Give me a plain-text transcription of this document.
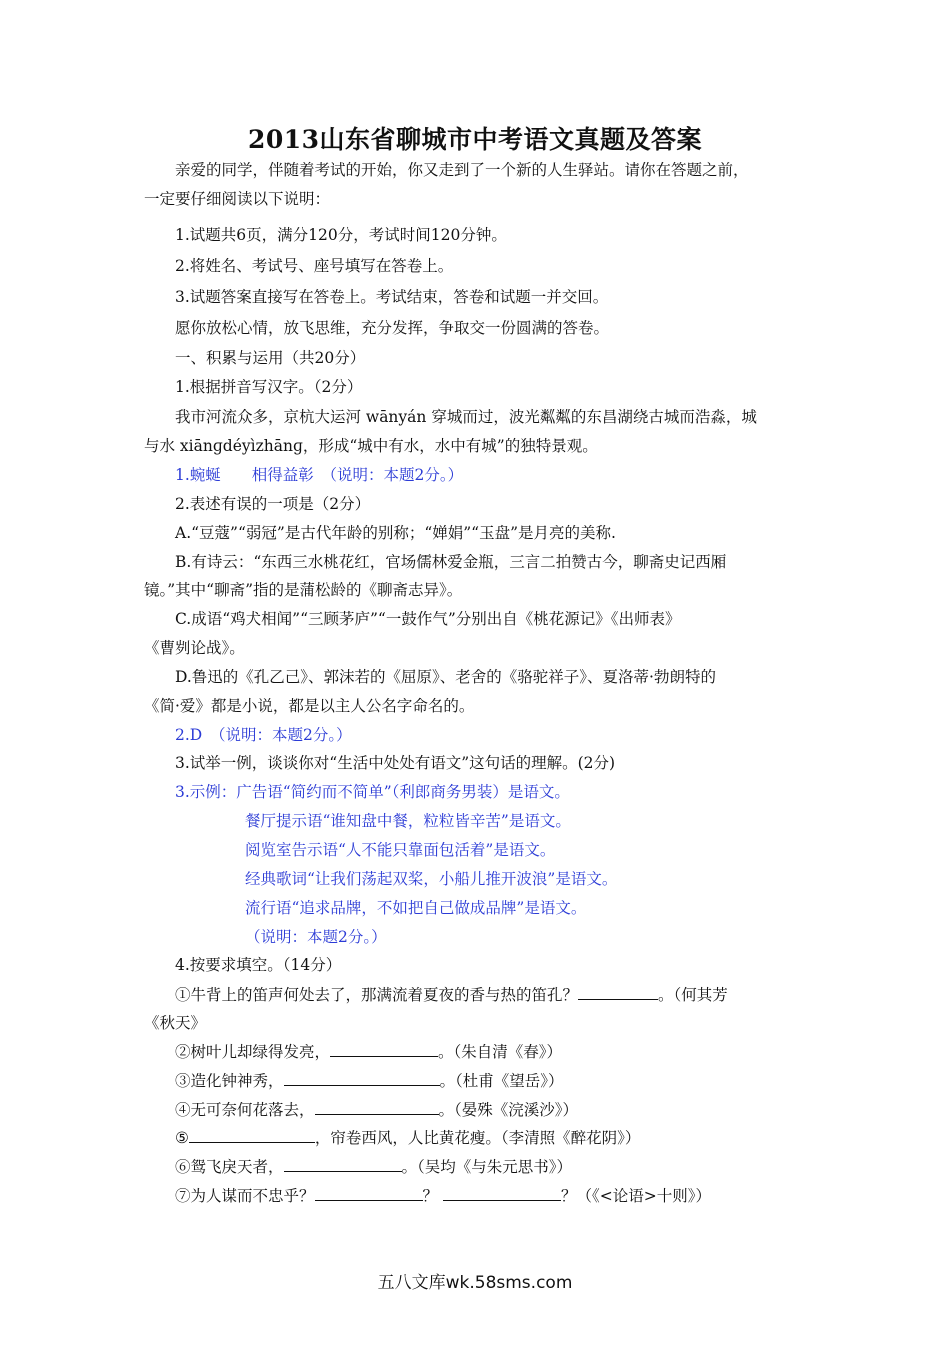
2013山东省聊城市中考语文真题及答案
亲爱的同学，伴随着考试的开始，你又走到了一个新的人生驿站。请你在答题之前，
一定要仔细阅读以下说明：
1.试题共6页，满分120分，考试时间120分钟。
2.将姓名、考试号、座号填写在答卷上。
3.试题答案直接写在答卷上。考试结束，答卷和试题一并交回。
愿你放松心情，放飞思维，充分发挥，争取交一份圆满的答卷。
一、积累与运用（共20分）
1.根据拼音写汉字。（2分）
我市河流众多，京杭大运河 wānyán 穿城而过，波光粼粼的东昌湖绕古城而浩淼，城
与水 xiānɡdéyìzhānɡ，形成“城中有水，水中有城”的独特景观。
1.蜿蜒　　相得益彰　（说明：本题2分。）
2.表述有误的一项是（2分）
A.“豆蔻”“弱冠”是古代年龄的别称；“婵娟”“玉盘”是月亮的美称.
B.有诗云：“东西三水桃花红，官场儒林爱金瓶，三言二拍赞古今，聊斋史记西厢
镜。”其中“聊斋”指的是蒲松龄的《聊斋志异》。
C.成语“鸡犬相闻”“三顾茅庐”“一鼓作气”分别出自《桃花源记》《出师表》
《曹刿论战》。
D.鲁迅的《孔乙己》、郭沫若的《屈原》、老舍的《骆驼祥子》、夏洛蒂·勃朗特的
《简·爱》都是小说，都是以主人公名字命名的。
2.D　（说明：本题2分。）
3.试举一例，谈谈你对“生活中处处有语文”这句话的理解。(2分)
3.示例：广告语“简约而不简单”（利郎商务男装）是语文。
餐厅提示语“谁知盘中餐，粒粒皆辛苦”是语文。
阅览室告示语“人不能只靠面包活着”是语文。
经典歌词“让我们荡起双桨，小船儿推开波浪”是语文。
流行语“追求品牌，不如把自己做成品牌”是语文。
（说明：本题2分。）
4.按要求填空。（14分）
①牛背上的笛声何处去了，那满流着夏夜的香与热的笛孔？	。（何其芳
《秋天》
②树叶儿却绿得发亮，	。（朱自清《春》）
③造化钟神秀，	。（杜甫《望岳》）
④无可奈何花落去，	。（晏殊《浣溪沙》）
⑤	，帘卷西风，人比黄花瘦。（李清照《醉花阴》）
⑥鸳飞戾天者，	。（吴均《与朱元思书》）
⑦为人谋而不忠乎？	？	？（《<论语>十则》）
五八文库wk.58sms.com
